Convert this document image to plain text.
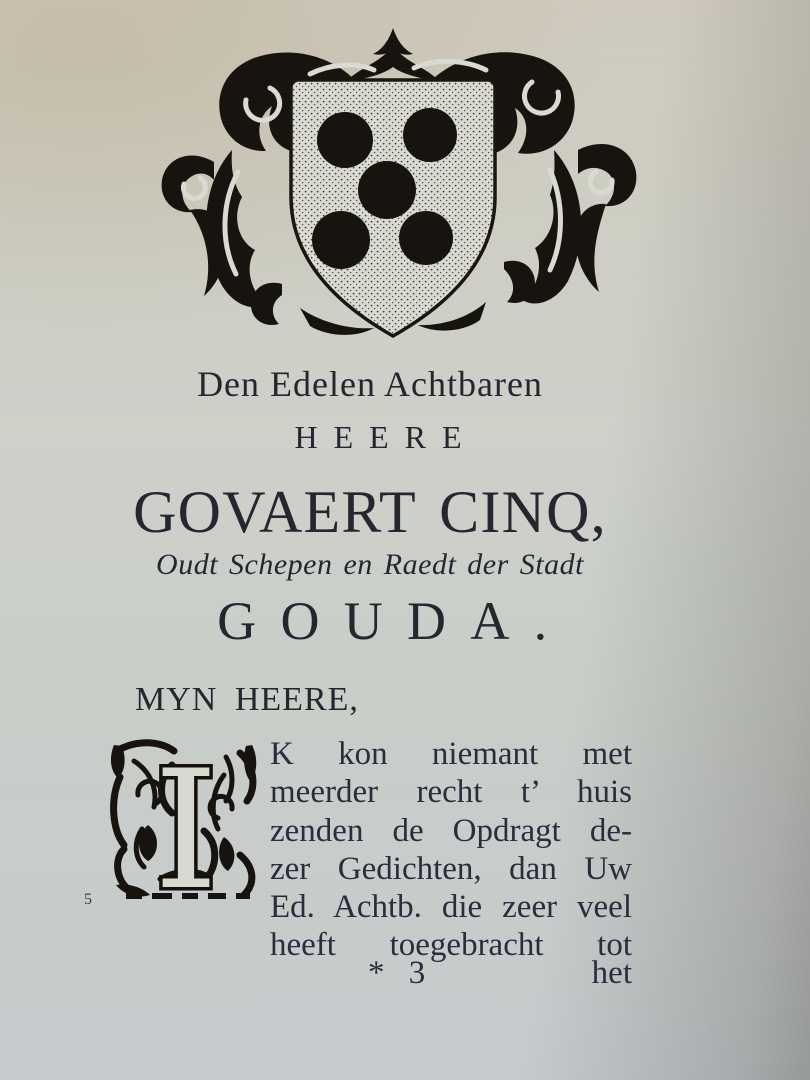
Den Edelen Achtbaren
HEERE
GOVAERT CINQ,
Oudt Schepen en Raedt der Stadt
GOUDA.
MYN HEERE,
5 I K kon niemant met
meerder recht t’ huis
zenden de Opdragt de-
zer Gedichten, dan Uw
Ed. Achtb. die zeer veel
heeft toegebracht tot
* 3	het
